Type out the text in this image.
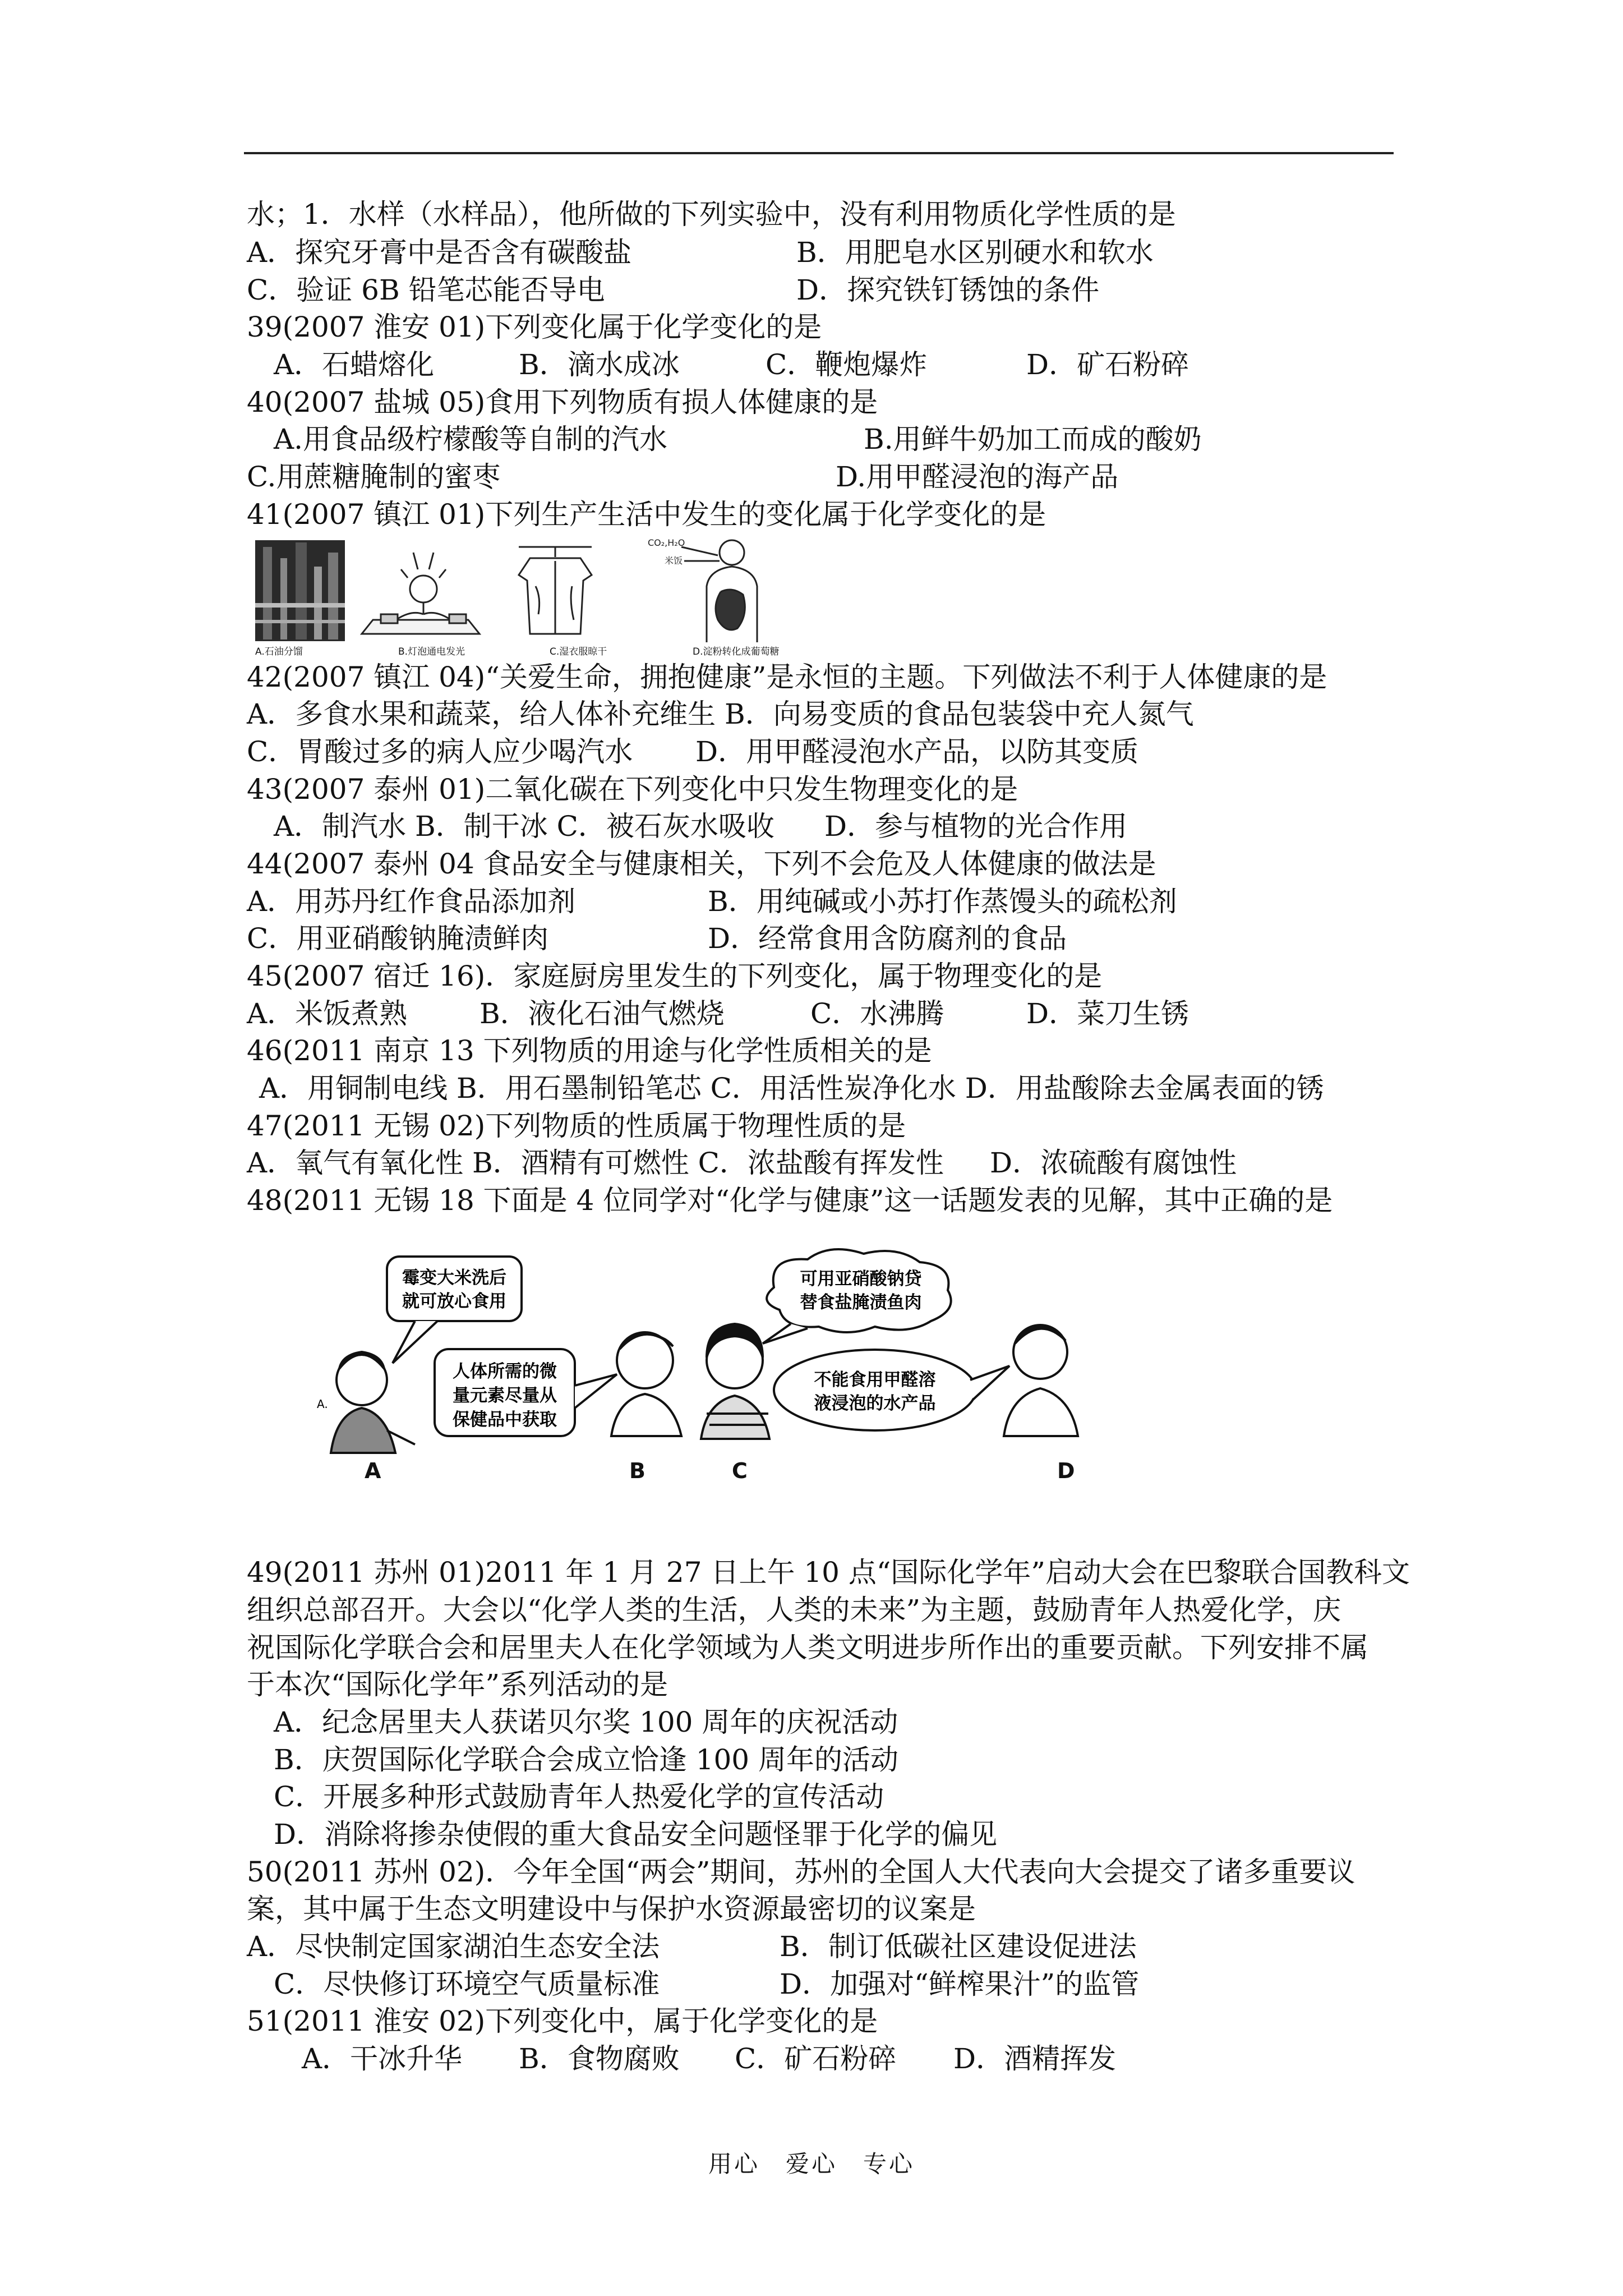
水；1．水样（水样品），他所做的下列实验中，没有利用物质化学性质的是
A．探究牙膏中是否含有碳酸盐	B．用肥皂水区别硬水和软水
C．验证 6B 铅笔芯能否导电	D．探究铁钉锈蚀的条件
39(2007 淮安 01)下列变化属于化学变化的是
A．石蜡熔化	B．滴水成冰	C．鞭炮爆炸	D．矿石粉碎
40(2007 盐城 05)食用下列物质有损人体健康的是
A.用食品级柠檬酸等自制的汽水	B.用鲜牛奶加工而成的酸奶
C.用蔗糖腌制的蜜枣	D.用甲醛浸泡的海产品
41(2007 镇江 01)下列生产生活中发生的变化属于化学变化的是
CO₂,H₂O
米饭
A.石油分馏	B.灯泡通电发光	C.湿衣服晾干	D.淀粉转化成葡萄糖
42(2007 镇江 04)“关爱生命，拥抱健康”是永恒的主题。下列做法不利于人体健康的是
A．多食水果和蔬菜，给人体补充维生 B．向易变质的食品包装袋中充人氮气
C．胃酸过多的病人应少喝汽水 D．用甲醛浸泡水产品，以防其变质
43(2007 泰州 01)二氧化碳在下列变化中只发生物理变化的是
A．制汽水 B．制干冰 C．被石灰水吸收 D．参与植物的光合作用
44(2007 泰州 04 食品安全与健康相关，下列不会危及人体健康的做法是
A．用苏丹红作食品添加剂	B．用纯碱或小苏打作蒸馒头的疏松剂
C．用亚硝酸钠腌渍鲜肉	D．经常食用含防腐剂的食品
45(2007 宿迁 16)．家庭厨房里发生的下列变化，属于物理变化的是
A．米饭煮熟	B．液化石油气燃烧	C．水沸腾	D．菜刀生锈
46(2011 南京 13 下列物质的用途与化学性质相关的是
A．用铜制电线 B．用石墨制铅笔芯 C．用活性炭净化水 D．用盐酸除去金属表面的锈
47(2011 无锡 02)下列物质的性质属于物理性质的是
A．氧气有氧化性 B．酒精有可燃性 C．浓盐酸有挥发性 D．浓硫酸有腐蚀性
48(2011 无锡 18 下面是 4 位同学对“化学与健康”这一话题发表的见解，其中正确的是
霉变大米洗后
就可放心食用
A.
人体所需的微
量元素尽量从
保健品中获取
可用亚硝酸钠贷
替食盐腌渍鱼肉
不能食用甲醛溶
液浸泡的水产品
A	B	C	D
49(2011 苏州 01)2011 年 1 月 27 日上午 10 点“国际化学年”启动大会在巴黎联合国教科文
组织总部召开。大会以“化学人类的生活，人类的未来”为主题，鼓励青年人热爱化学，庆
祝国际化学联合会和居里夫人在化学领域为人类文明进步所作出的重要贡献。下列安排不属
于本次“国际化学年”系列活动的是
A．纪念居里夫人获诺贝尔奖 100 周年的庆祝活动
B．庆贺国际化学联合会成立恰逢 100 周年的活动
C．开展多种形式鼓励青年人热爱化学的宣传活动
D．消除将掺杂使假的重大食品安全问题怪罪于化学的偏见
50(2011 苏州 02)．今年全国“两会”期间，苏州的全国人大代表向大会提交了诸多重要议
案，其中属于生态文明建设中与保护水资源最密切的议案是
A．尽快制定国家湖泊生态安全法	B．制订低碳社区建设促进法
C．尽快修订环境空气质量标准	D．加强对“鲜榨果汁”的监管
51(2011 淮安 02)下列变化中，属于化学变化的是
A．干冰升华 B．食物腐败 C．矿石粉碎 D．酒精挥发
用心　爱心　专心
